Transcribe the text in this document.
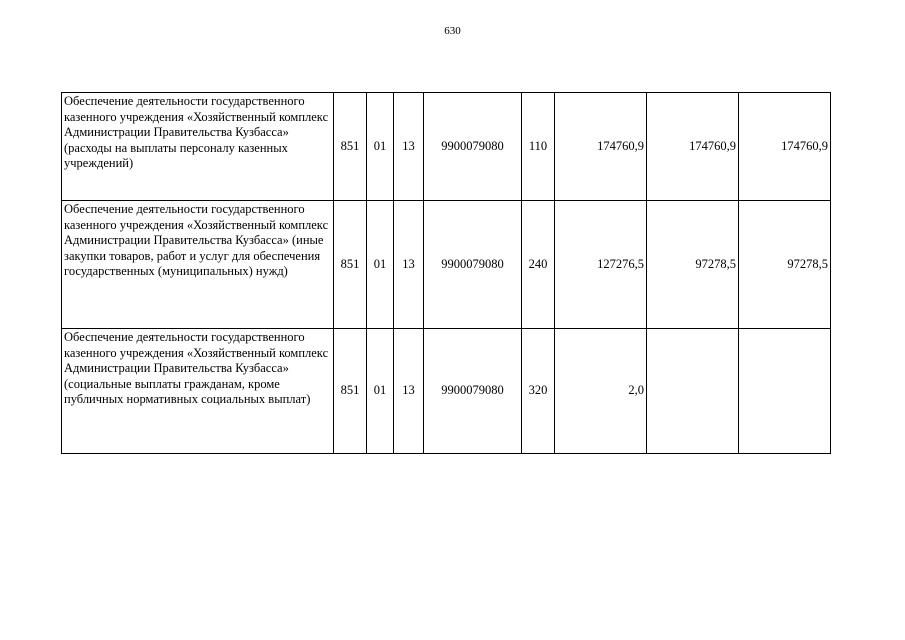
630
Обеспечение деятельности государственного казенного учреждения «Хозяйственный комплекс Администрации Правительства Кузбасса» (расходы на выплаты персоналу казенных учреждений)	851	01	13	9900079080	110	174760,9	174760,9	174760,9
Обеспечение деятельности государственного казенного учреждения «Хозяйственный комплекс Администрации Правительства Кузбасса» (иные закупки товаров, работ и услуг для обеспечения государственных (муниципальных) нужд)	851	01	13	9900079080	240	127276,5	97278,5	97278,5
Обеспечение деятельности государственного казенного учреждения «Хозяйственный комплекс Администрации Правительства Кузбасса» (социальные выплаты гражданам, кроме публичных нормативных социальных выплат)	851	01	13	9900079080	320	2,0		
